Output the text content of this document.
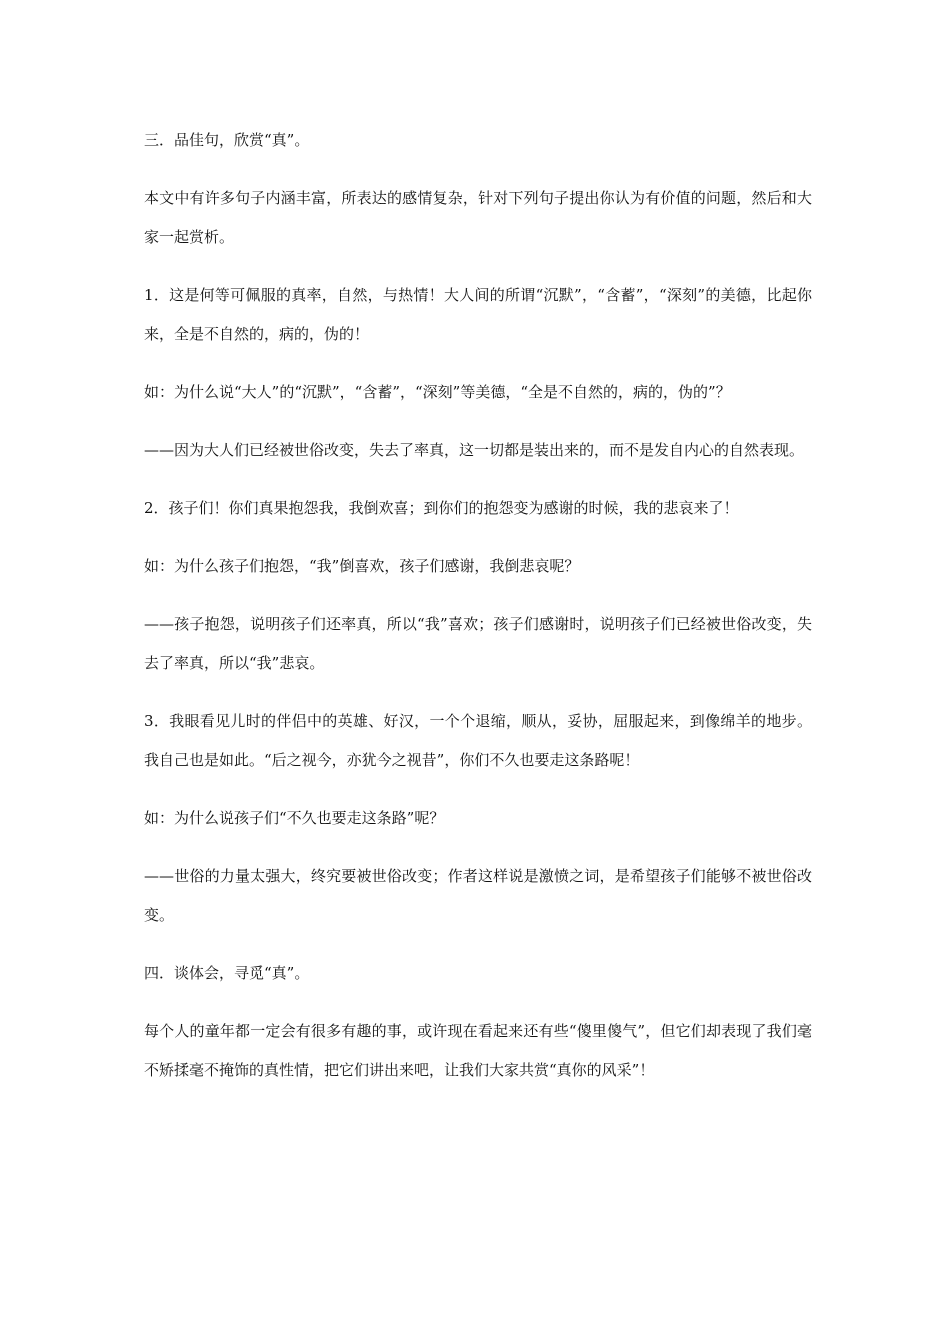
三．品佳句，欣赏“真”。

本文中有许多句子内涵丰富，所表达的感情复杂，针对下列句子提出你认为有价值的问题，然后和大家一起赏析。

1．这是何等可佩服的真率，自然，与热情！大人间的所谓“沉默”，“含蓄”，“深刻”的美德，比起你来，全是不自然的，病的，伪的！

如：为什么说“大人”的“沉默”，“含蓄”，“深刻”等美德，“全是不自然的，病的，伪的”？

——因为大人们已经被世俗改变，失去了率真，这一切都是装出来的，而不是发自内心的自然表现。

2．孩子们！你们真果抱怨我，我倒欢喜；到你们的抱怨变为感谢的时候，我的悲哀来了！

如：为什么孩子们抱怨，“我”倒喜欢，孩子们感谢，我倒悲哀呢？

——孩子抱怨，说明孩子们还率真，所以“我”喜欢；孩子们感谢时，说明孩子们已经被世俗改变，失去了率真，所以“我”悲哀。

3．我眼看见儿时的伴侣中的英雄、好汉，一个个退缩，顺从，妥协，屈服起来，到像绵羊的地步。我自己也是如此。“后之视今，亦犹今之视昔”，你们不久也要走这条路呢！

如：为什么说孩子们“不久也要走这条路”呢？

——世俗的力量太强大，终究要被世俗改变；作者这样说是激愤之词，是希望孩子们能够不被世俗改变。

四．谈体会，寻觅“真”。

每个人的童年都一定会有很多有趣的事，或许现在看起来还有些“傻里傻气”，但它们却表现了我们毫不矫揉毫不掩饰的真性情，把它们讲出来吧，让我们大家共赏“真你的风采”！
